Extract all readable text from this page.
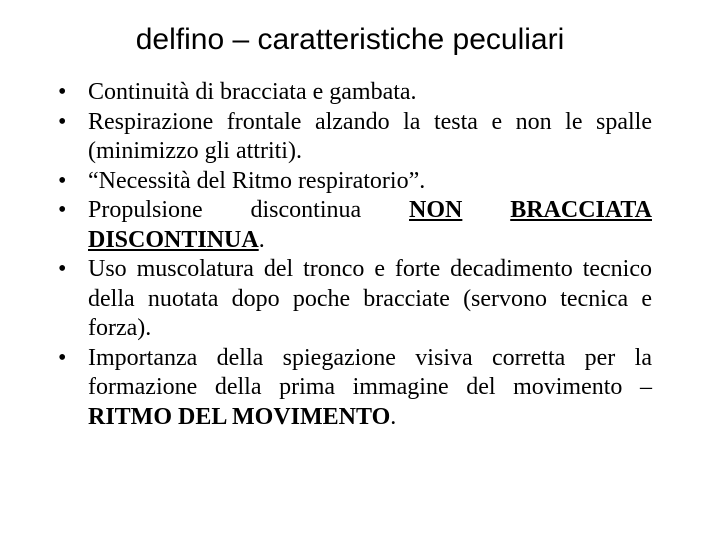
delfino – caratteristiche peculiari
• Continuità di bracciata e gambata.
• Respirazione frontale alzando la testa e non le spalle (minimizzo gli attriti).
• “Necessità del Ritmo respiratorio”.
• Propulsione discontinua NON BRACCIATA DISCONTINUA.
• Uso muscolatura del tronco e forte decadimento tecnico della nuotata dopo poche bracciate (servono tecnica e forza).
• Importanza della spiegazione visiva corretta per la formazione della prima immagine del movimento – RITMO DEL MOVIMENTO.
